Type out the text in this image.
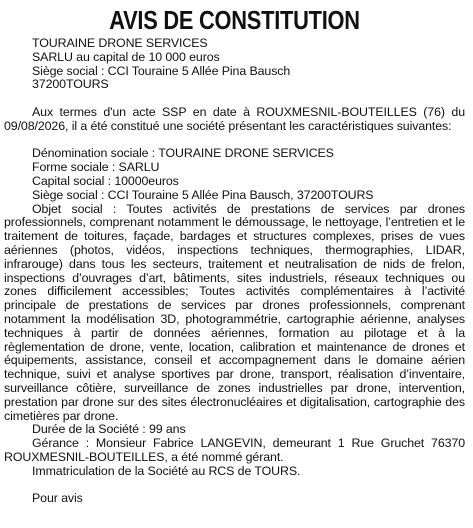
AVIS DE CONSTITUTION
TOURAINE DRONE SERVICES
SARLU au capital de 10 000 euros
Siège social : CCI Touraine 5 Allée Pina Bausch
37200TOURS

Aux termes d'un acte SSP en date à ROUXMESNIL-BOUTEILLES (76) du 09/08/2026, il a été constitué une société présentant les caractéristiques suivantes:

Dénomination sociale : TOURAINE DRONE SERVICES
Forme sociale : SARLU
Capital social : 10000euros
Siège social : CCI Touraine 5 Allée Pina Bausch, 37200TOURS

Objet social : Toutes activités de prestations de services par drones professionnels, comprenant notamment le démoussage, le nettoyage, l’entretien et le traitement de toitures, façade, bardages et structures complexes, prises de vues aériennes (photos, vidéos, inspections techniques, thermographies, LIDAR, infrarouge) dans tous les secteurs, traitement et neutralisation de nids de frelon, inspections d’ouvrages d’art, bâtiments, sites industriels, réseaux techniques ou zones difficilement accessibles; Toutes activités complémentaires à l’activité principale de prestations de services par drones professionnels, comprenant notamment la modélisation 3D, photogrammétrie, cartographie aérienne, analyses techniques à partir de données aériennes, formation au pilotage et à la règlementation de drone, vente, location, calibration et maintenance de drones et équipements, assistance, conseil et accompagnement dans le domaine aérien technique, suivi et analyse sportives par drone, transport, réalisation d’inventaire, surveillance côtière, surveillance de zones industrielles par drone, intervention, prestation par drone sur des sites électronucléaires et digitalisation, cartographie des cimetières par drone.

Durée de la Société : 99 ans

Gérance : Monsieur Fabrice LANGEVIN, demeurant 1 Rue Gruchet 76370 ROUXMESNIL-BOUTEILLES, a été nommé gérant.

Immatriculation de la Société au RCS de TOURS.

Pour avis
